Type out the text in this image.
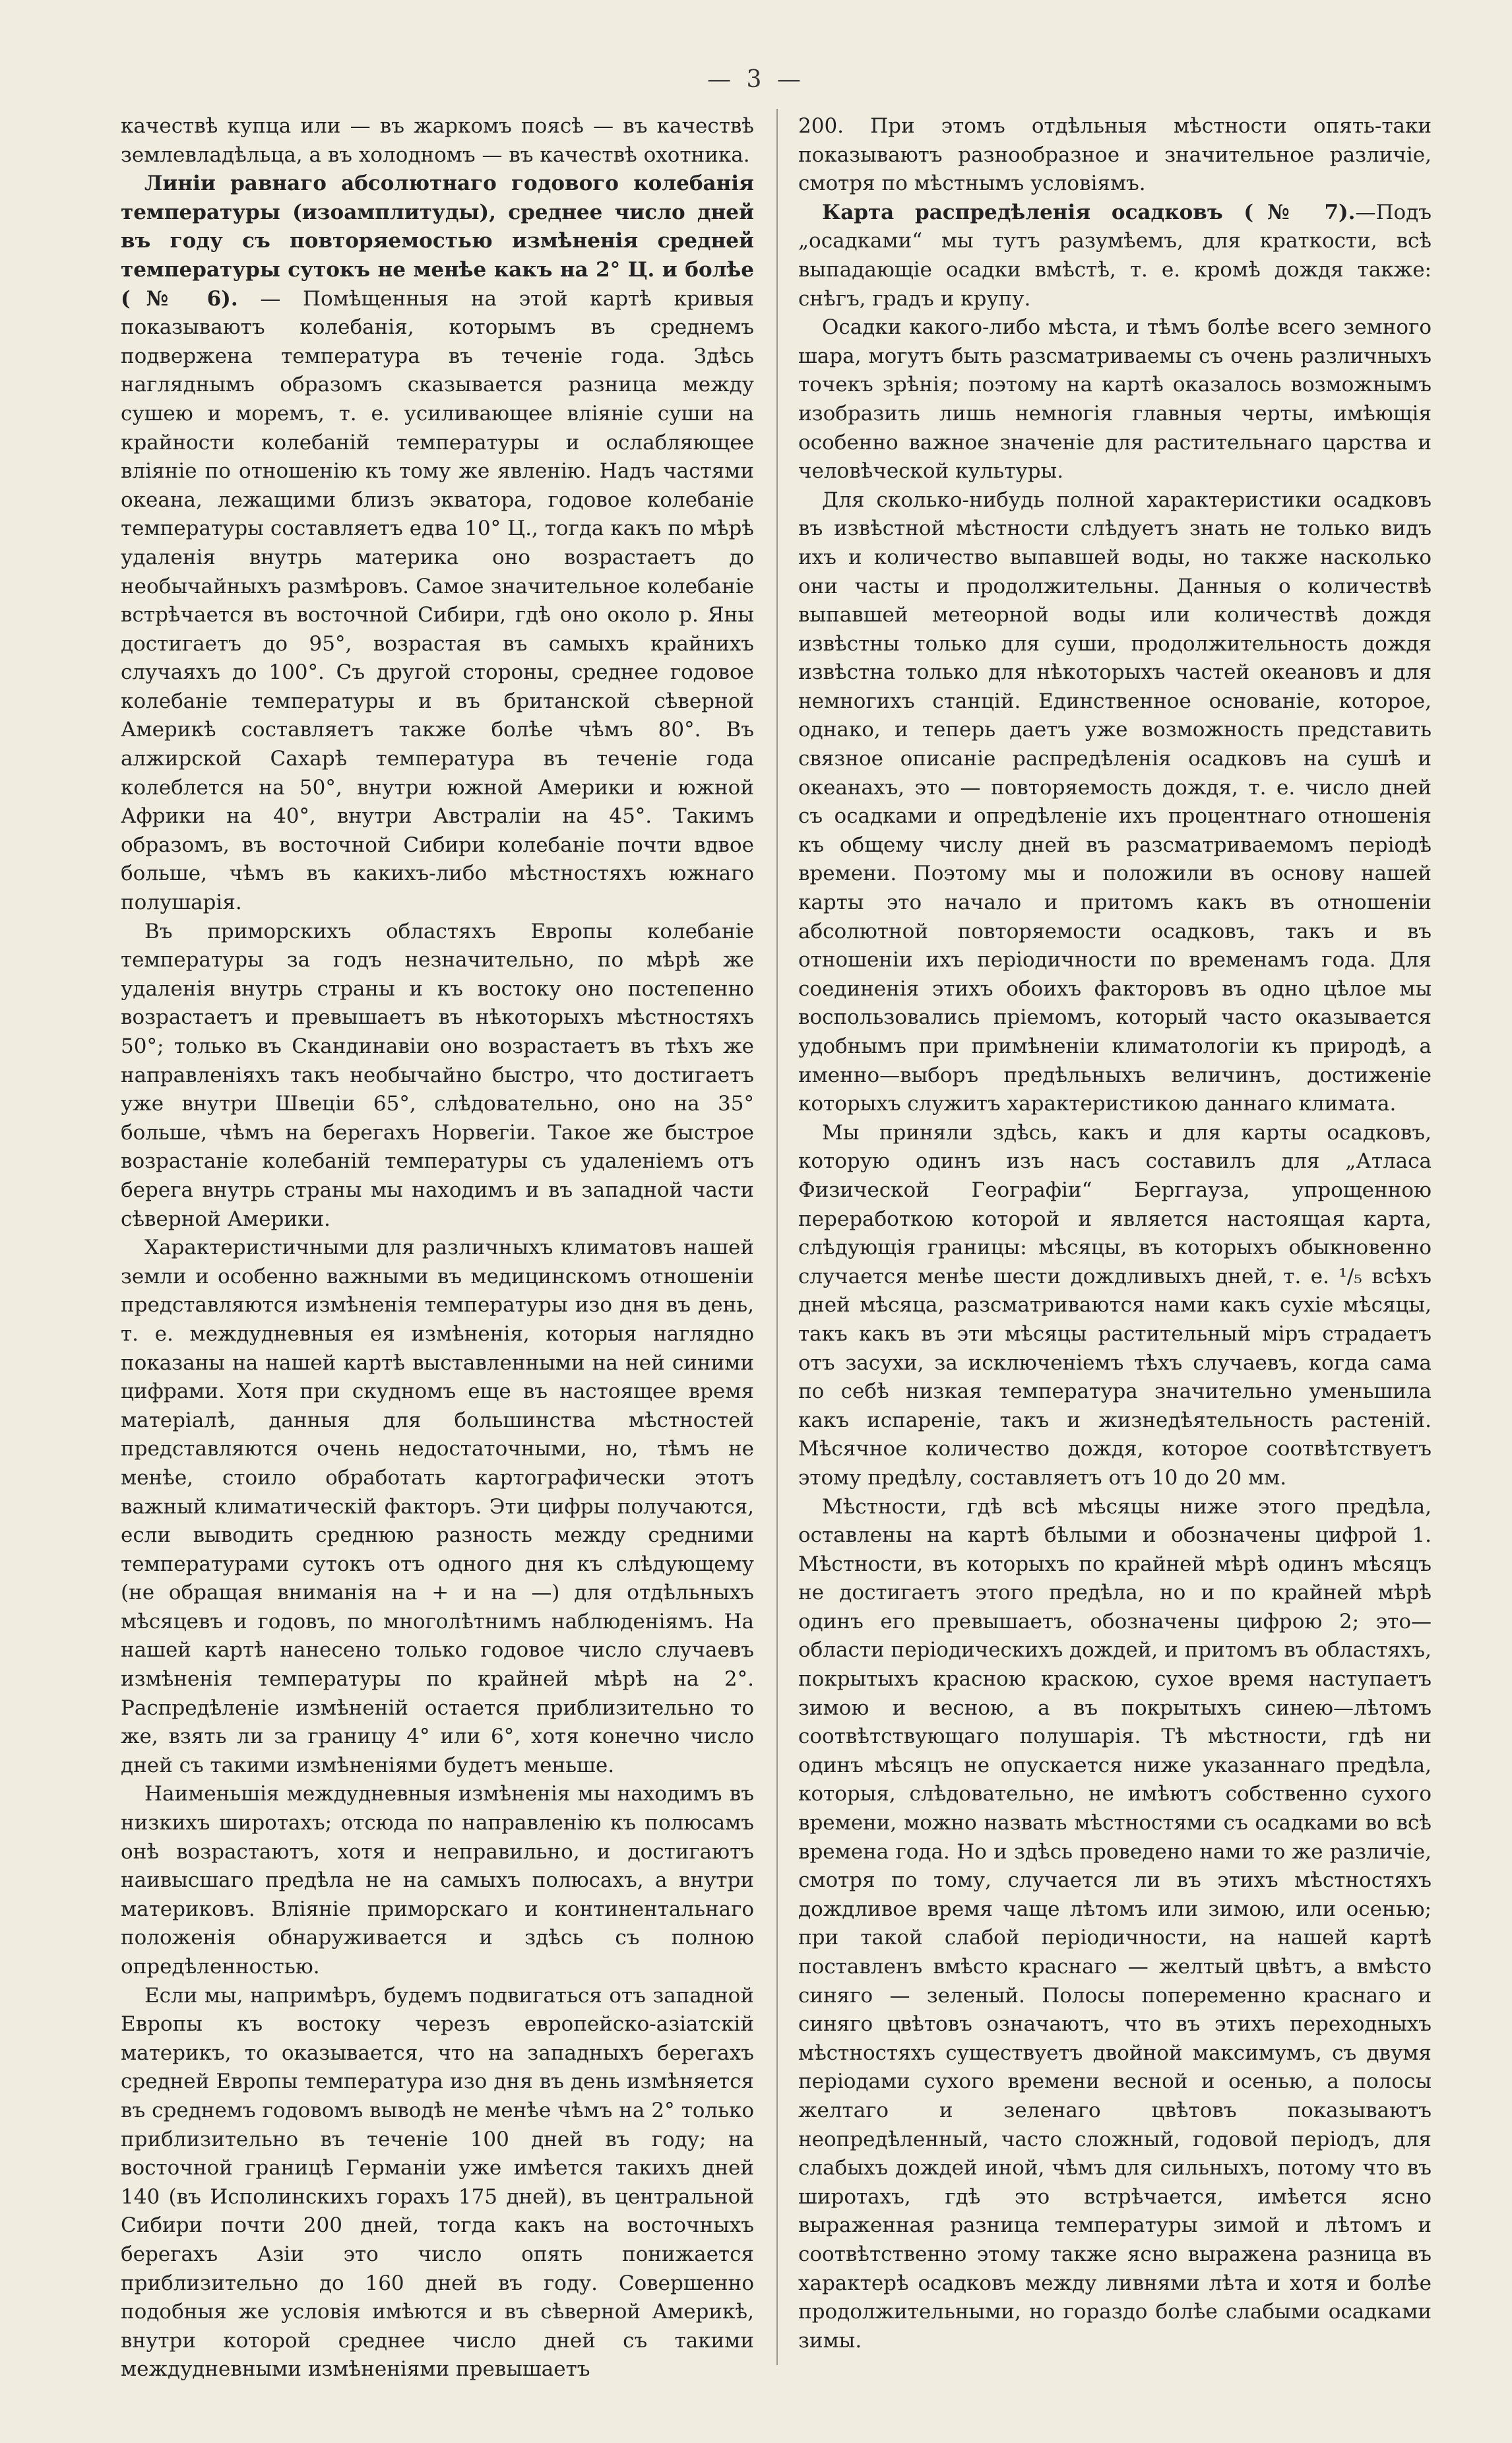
— 3 —

качествѣ купца или — въ жаркомъ поясѣ — въ качествѣ землевладѣльца, а въ холодномъ — въ качествѣ охотника.

Линіи равнаго абсолютнаго годового колебанія температуры (изоамплитуды), среднее число дней въ году съ повторяемостью измѣненія средней температуры сутокъ не менѣе какъ на 2° Ц. и болѣе (№ 6). — Помѣщенныя на этой картѣ кривыя показываютъ колебанія, которымъ въ среднемъ подвержена температура въ теченіе года. Здѣсь нагляднымъ образомъ сказывается разница между сушею и моремъ, т. е. усиливающее вліяніе суши на крайности колебаній температуры и ослабляющее вліяніе по отношенію къ тому же явленію. Надъ частями океана, лежащими близъ экватора, годовое колебаніе температуры составляетъ едва 10° Ц., тогда какъ по мѣрѣ удаленія внутрь материка оно возрастаетъ до необычайныхъ размѣровъ. Самое значительное колебаніе встрѣчается въ восточной Сибири, гдѣ оно около р. Яны достигаетъ до 95°, возрастая въ самыхъ крайнихъ случаяхъ до 100°. Съ другой стороны, среднее годовое колебаніе температуры и въ британской сѣверной Америкѣ составляетъ также болѣе чѣмъ 80°. Въ алжирской Сахарѣ температура въ теченіе года колеблется на 50°, внутри южной Америки и южной Африки на 40°, внутри Австраліи на 45°. Такимъ образомъ, въ восточной Сибири колебаніе почти вдвое больше, чѣмъ въ какихъ-либо мѣстностяхъ южнаго полушарія.

Въ приморскихъ областяхъ Европы колебаніе температуры за годъ незначительно, по мѣрѣ же удаленія внутрь страны и къ востоку оно постепенно возрастаетъ и превышаетъ въ нѣкоторыхъ мѣстностяхъ 50°; только въ Скандинавіи оно возрастаетъ въ тѣхъ же направленіяхъ такъ необычайно быстро, что достигаетъ уже внутри Швеціи 65°, слѣдовательно, оно на 35° больше, чѣмъ на берегахъ Норвегіи. Такое же быстрое возрастаніе колебаній температуры съ удаленіемъ отъ берега внутрь страны мы находимъ и въ западной части сѣверной Америки.

Характеристичными для различныхъ климатовъ нашей земли и особенно важными въ медицинскомъ отношеніи представляются измѣненія температуры изо дня въ день, т. е. междудневныя ея измѣненія, которыя наглядно показаны на нашей картѣ выставленными на ней синими цифрами. Хотя при скудномъ еще въ настоящее время матеріалѣ, данныя для большинства мѣстностей представляются очень недостаточными, но, тѣмъ не менѣе, стоило обработать картографически этотъ важный климатическій факторъ. Эти цифры получаются, если выводить среднюю разность между средними температурами сутокъ отъ одного дня къ слѣдующему (не обращая вниманія на + и на —) для отдѣльныхъ мѣсяцевъ и годовъ, по многолѣтнимъ наблюденіямъ. На нашей картѣ нанесено только годовое число случаевъ измѣненія температуры по крайней мѣрѣ на 2°. Распредѣленіе измѣненій остается приблизительно то же, взять ли за границу 4° или 6°, хотя конечно число дней съ такими измѣненіями будетъ меньше.

Наименьшія междудневныя измѣненія мы находимъ въ низкихъ широтахъ; отсюда по направленію къ полюсамъ онѣ возрастаютъ, хотя и неправильно, и достигаютъ наивысшаго предѣла не на самыхъ полюсахъ, а внутри материковъ. Вліяніе приморскаго и континентальнаго положенія обнаруживается и здѣсь съ полною опредѣленностью.

Если мы, напримѣръ, будемъ подвигаться отъ западной Европы къ востоку черезъ европейско-азіатскій материкъ, то оказывается, что на западныхъ берегахъ средней Европы температура изо дня въ день измѣняется въ среднемъ годовомъ выводѣ не менѣе чѣмъ на 2° только приблизительно въ теченіе 100 дней въ году; на восточной границѣ Германіи уже имѣется такихъ дней 140 (въ Исполинскихъ горахъ 175 дней), въ центральной Сибири почти 200 дней, тогда какъ на восточныхъ берегахъ Азіи это число опять понижается приблизительно до 160 дней въ году. Совершенно подобныя же условія имѣются и въ сѣверной Америкѣ, внутри которой среднее число дней съ такими междудневными измѣненіями превышаетъ

200. При этомъ отдѣльныя мѣстности опять-таки показываютъ разнообразное и значительное различіе, смотря по мѣстнымъ условіямъ.

Карта распредѣленія осадковъ (№ 7).—Подъ „осадками“ мы тутъ разумѣемъ, для краткости, всѣ выпадающіе осадки вмѣстѣ, т. е. кромѣ дождя также: снѣгъ, градъ и крупу.

Осадки какого-либо мѣста, и тѣмъ болѣе всего земного шара, могутъ быть разсматриваемы съ очень различныхъ точекъ зрѣнія; поэтому на картѣ оказалось возможнымъ изобразить лишь немногія главныя черты, имѣющія особенно важное значеніе для растительнаго царства и человѣческой культуры.

Для сколько-нибудь полной характеристики осадковъ въ извѣстной мѣстности слѣдуетъ знать не только видъ ихъ и количество выпавшей воды, но также насколько они часты и продолжительны. Данныя о количествѣ выпавшей метеорной воды или количествѣ дождя извѣстны только для суши, продолжительность дождя извѣстна только для нѣкоторыхъ частей океановъ и для немногихъ станцій. Единственное основаніе, которое, однако, и теперь даетъ уже возможность представить связное описаніе распредѣленія осадковъ на сушѣ и океанахъ, это — повторяемость дождя, т. е. число дней съ осадками и опредѣленіе ихъ процентнаго отношенія къ общему числу дней въ разсматриваемомъ періодѣ времени. Поэтому мы и положили въ основу нашей карты это начало и притомъ какъ въ отношеніи абсолютной повторяемости осадковъ, такъ и въ отношеніи ихъ періодичности по временамъ года. Для соединенія этихъ обоихъ факторовъ въ одно цѣлое мы воспользовались пріемомъ, который часто оказывается удобнымъ при примѣненіи климатологіи къ природѣ, а именно—выборъ предѣльныхъ величинъ, достиженіе которыхъ служитъ характеристикою даннаго климата.

Мы приняли здѣсь, какъ и для карты осадковъ, которую одинъ изъ насъ составилъ для „Атласа Физической Географіи“ Берггауза, упрощенною переработкою которой и является настоящая карта, слѣдующія границы: мѣсяцы, въ которыхъ обыкновенно случается менѣе шести дождливыхъ дней, т. е. ¹/₅ всѣхъ дней мѣсяца, разсматриваются нами какъ сухіе мѣсяцы, такъ какъ въ эти мѣсяцы растительный міръ страдаетъ отъ засухи, за исключеніемъ тѣхъ случаевъ, когда сама по себѣ низкая температура значительно уменьшила какъ испареніе, такъ и жизнедѣятельность растеній. Мѣсячное количество дождя, которое соотвѣтствуетъ этому предѣлу, составляетъ отъ 10 до 20 мм.

Мѣстности, гдѣ всѣ мѣсяцы ниже этого предѣла, оставлены на картѣ бѣлыми и обозначены цифрой 1. Мѣстности, въ которыхъ по крайней мѣрѣ одинъ мѣсяцъ не достигаетъ этого предѣла, но и по крайней мѣрѣ одинъ его превышаетъ, обозначены цифрою 2; это—области періодическихъ дождей, и притомъ въ областяхъ, покрытыхъ красною краскою, сухое время наступаетъ зимою и весною, а въ покрытыхъ синею—лѣтомъ соотвѣтствующаго полушарія. Тѣ мѣстности, гдѣ ни одинъ мѣсяцъ не опускается ниже указаннаго предѣла, которыя, слѣдовательно, не имѣютъ собственно сухого времени, можно назвать мѣстностями съ осадками во всѣ времена года. Но и здѣсь проведено нами то же различіе, смотря по тому, случается ли въ этихъ мѣстностяхъ дождливое время чаще лѣтомъ или зимою, или осенью; при такой слабой періодичности, на нашей картѣ поставленъ вмѣсто краснаго — желтый цвѣтъ, а вмѣсто синяго — зеленый. Полосы попеременно краснаго и синяго цвѣтовъ означаютъ, что въ этихъ переходныхъ мѣстностяхъ существуетъ двойной максимумъ, съ двумя періодами сухого времени весной и осенью, а полосы желтаго и зеленаго цвѣтовъ показываютъ неопредѣленный, часто сложный, годовой періодъ, для слабыхъ дождей иной, чѣмъ для сильныхъ, потому что въ широтахъ, гдѣ это встрѣчается, имѣется ясно выраженная разница температуры зимой и лѣтомъ и соотвѣтственно этому также ясно выражена разница въ характерѣ осадковъ между ливнями лѣта и хотя и болѣе продолжительными, но гораздо болѣе слабыми осадками зимы.
